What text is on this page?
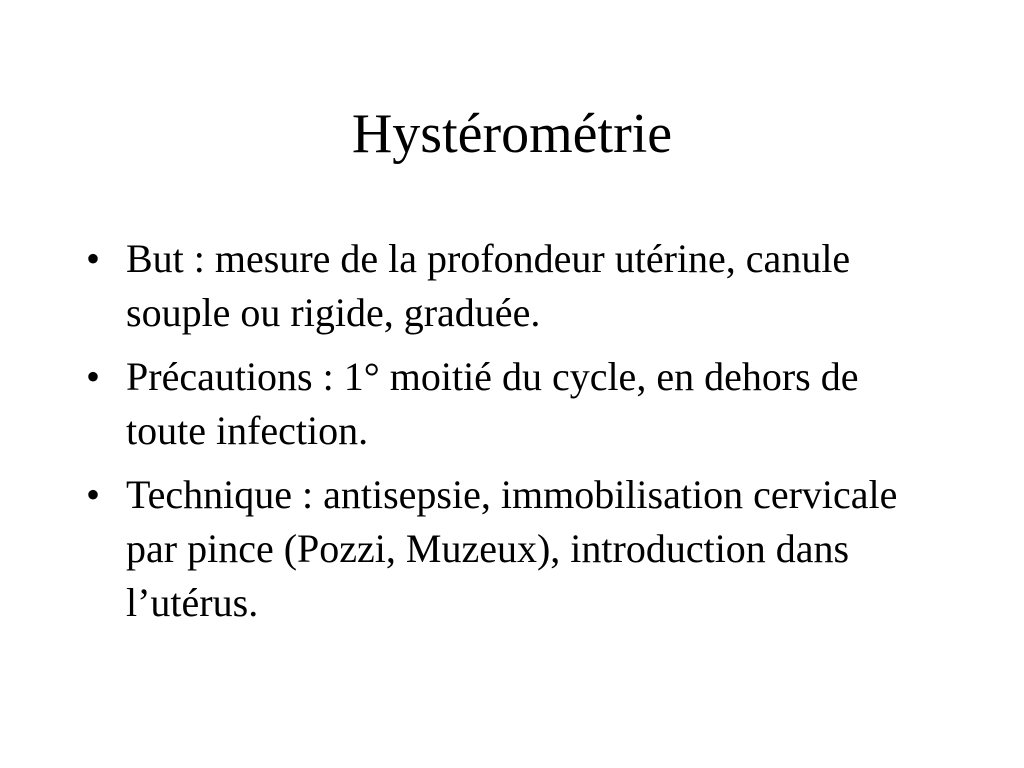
Hystérométrie
• But : mesure de la profondeur utérine, canule souple ou rigide, graduée.
• Précautions : 1° moitié du cycle, en dehors de toute infection.
• Technique : antisepsie, immobilisation cervicale par pince (Pozzi, Muzeux), introduction dans l’utérus.
